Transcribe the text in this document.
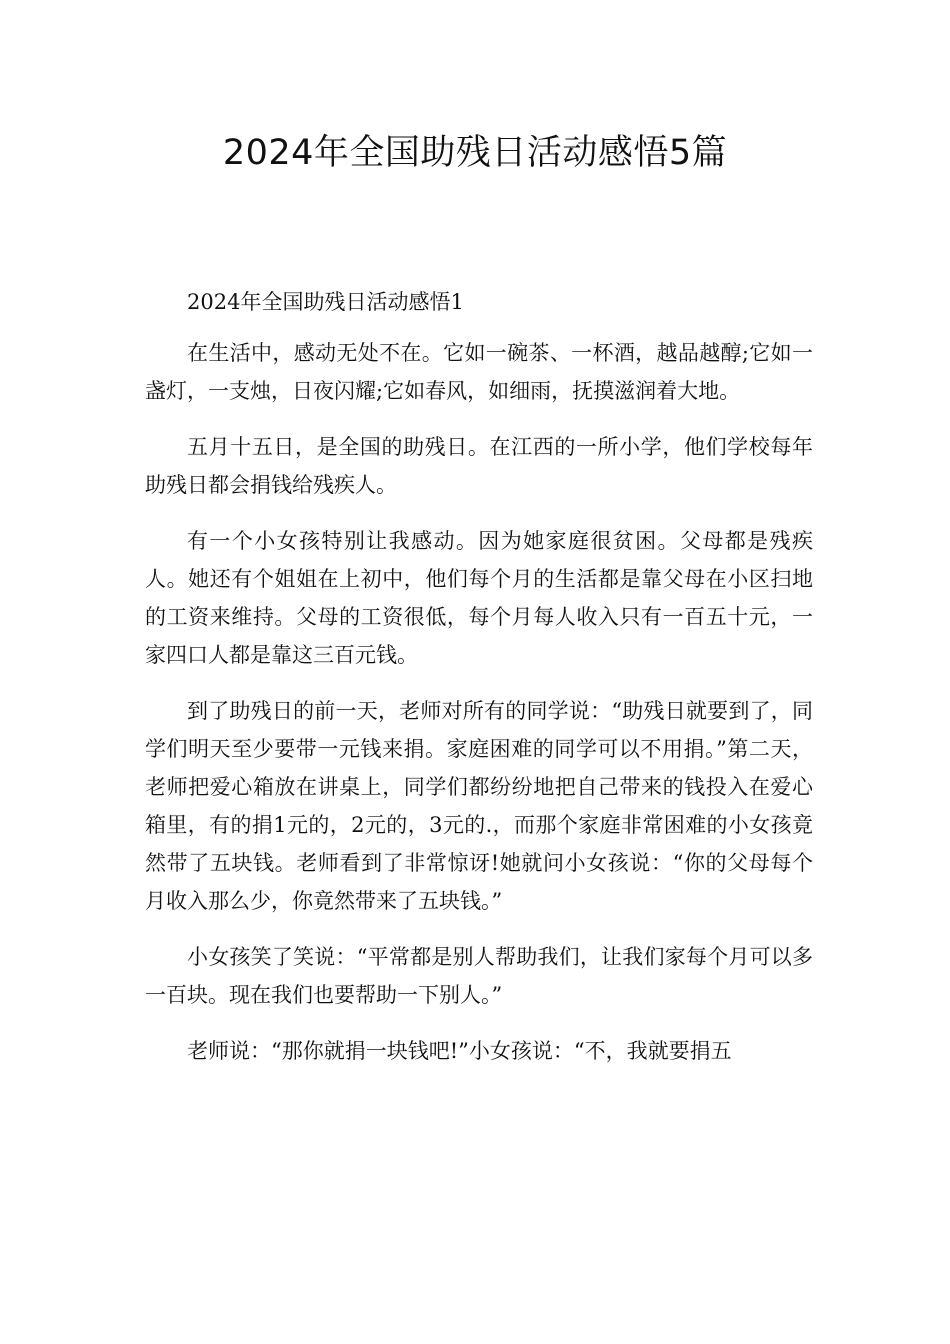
2024年全国助残日活动感悟5篇

2024年全国助残日活动感悟1

在生活中，感动无处不在。它如一碗茶、一杯酒，越品越醇;它如一盏灯，一支烛，日夜闪耀;它如春风，如细雨，抚摸滋润着大地。

五月十五日，是全国的助残日。在江西的一所小学，他们学校每年助残日都会捐钱给残疾人。

有一个小女孩特别让我感动。因为她家庭很贫困。父母都是残疾人。她还有个姐姐在上初中，他们每个月的生活都是靠父母在小区扫地的工资来维持。父母的工资很低，每个月每人收入只有一百五十元，一家四口人都是靠这三百元钱。

到了助残日的前一天，老师对所有的同学说：“助残日就要到了，同学们明天至少要带一元钱来捐。家庭困难的同学可以不用捐。”第二天，老师把爱心箱放在讲桌上，同学们都纷纷地把自己带来的钱投入在爱心箱里，有的捐1元的，2元的，3元的.，而那个家庭非常困难的小女孩竟然带了五块钱。老师看到了非常惊讶!她就问小女孩说：“你的父母每个月收入那么少，你竟然带来了五块钱。”

小女孩笑了笑说：“平常都是别人帮助我们，让我们家每个月可以多一百块。现在我们也要帮助一下别人。”

老师说：“那你就捐一块钱吧!”小女孩说：“不，我就要捐五
